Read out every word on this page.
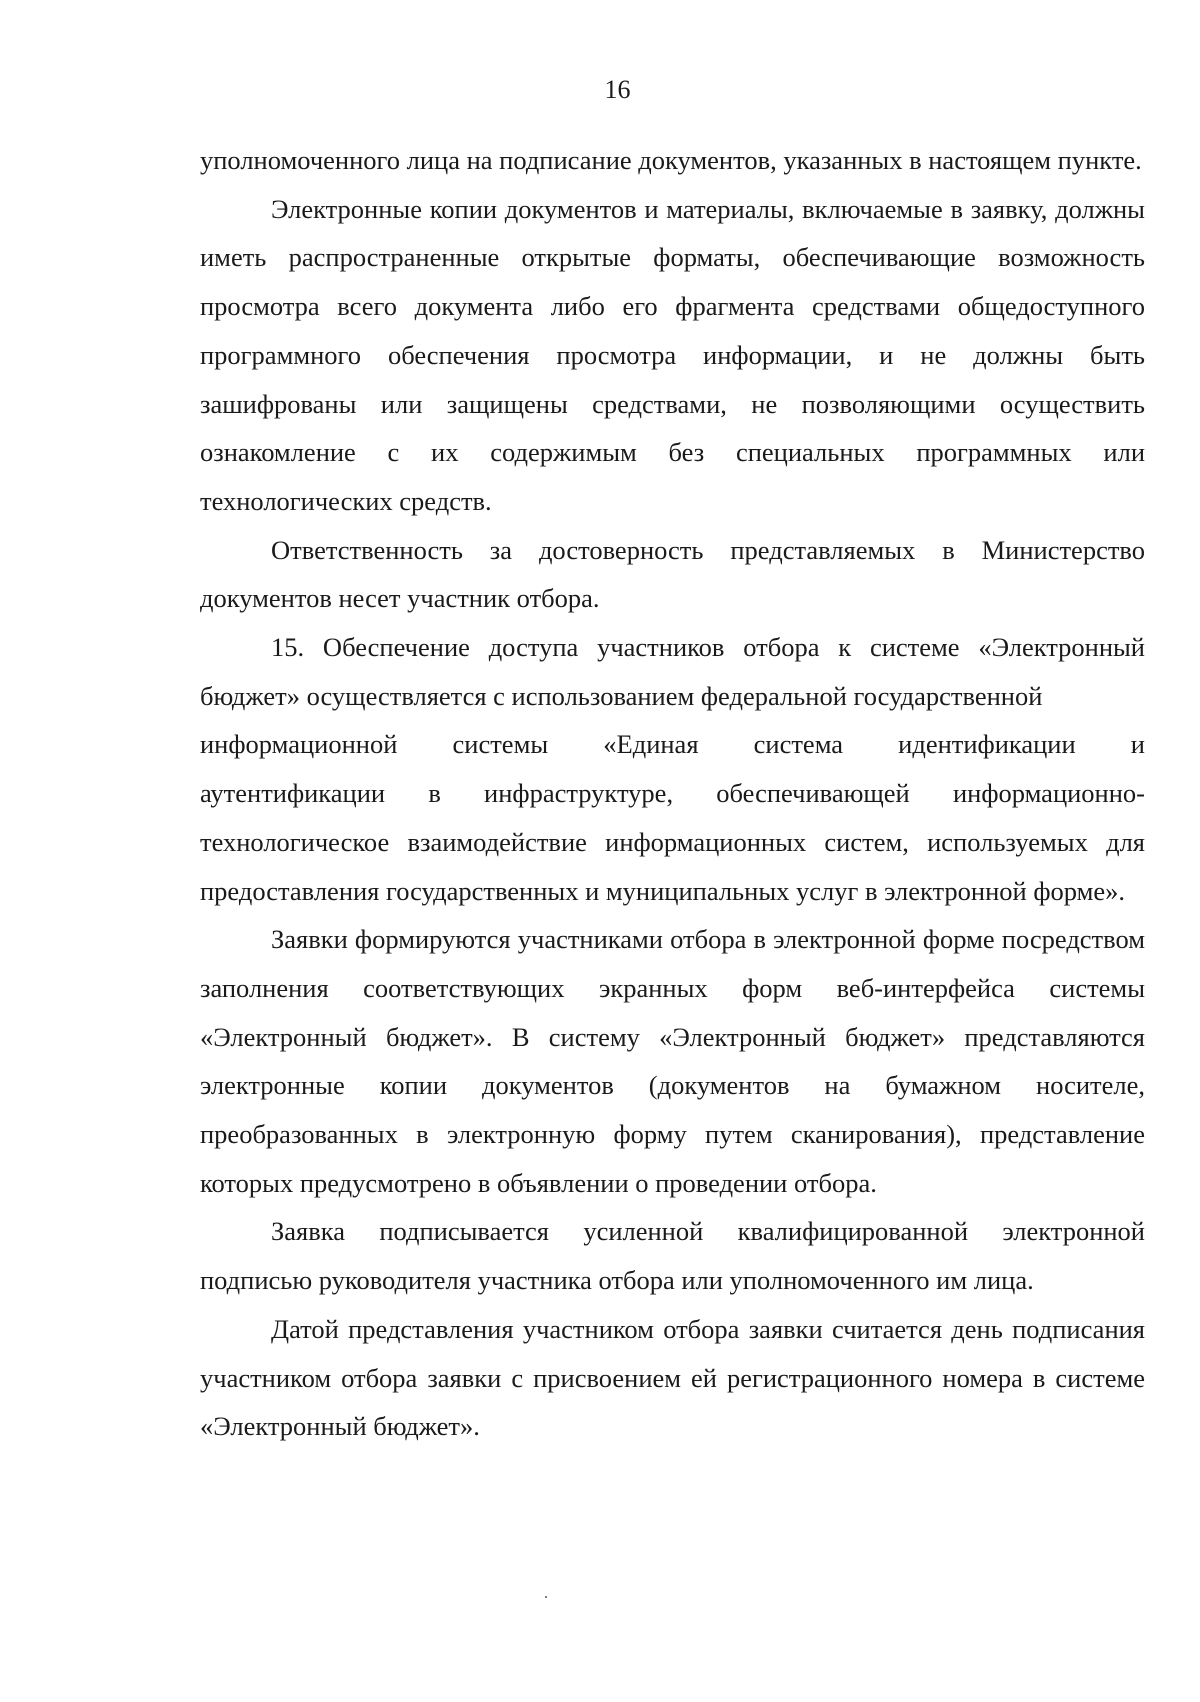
16

уполномоченного лица на подписание документов, указанных в настоящем пункте.

Электронные копии документов и материалы, включаемые в заявку, должны иметь распространенные открытые форматы, обеспечивающие возможность просмотра всего документа либо его фрагмента средствами общедоступного программного обеспечения просмотра информации, и не должны быть зашифрованы или защищены средствами, не позволяющими осуществить ознакомление с их содержимым без специальных программных или технологических средств.

Ответственность за достоверность представляемых в Министерство документов несет участник отбора.

15. Обеспечение доступа участников отбора к системе «Электронный бюджет» осуществляется с использованием федеральной государственной

информационной системы «Единая система идентификации и

аутентификации в инфраструктуре, обеспечивающей информационно-технологическое взаимодействие информационных систем, используемых для предоставления государственных и муниципальных услуг в электронной форме».

Заявки формируются участниками отбора в электронной форме посредством заполнения соответствующих экранных форм веб-интерфейса системы «Электронный бюджет». В систему «Электронный бюджет» представляются электронные копии документов (документов на бумажном носителе, преобразованных в электронную форму путем сканирования), представление которых предусмотрено в объявлении о проведении отбора.

Заявка подписывается усиленной квалифицированной электронной подписью руководителя участника отбора или уполномоченного им лица.

Датой представления участником отбора заявки считается день подписания участником отбора заявки с присвоением ей регистрационного номера в системе «Электронный бюджет».
